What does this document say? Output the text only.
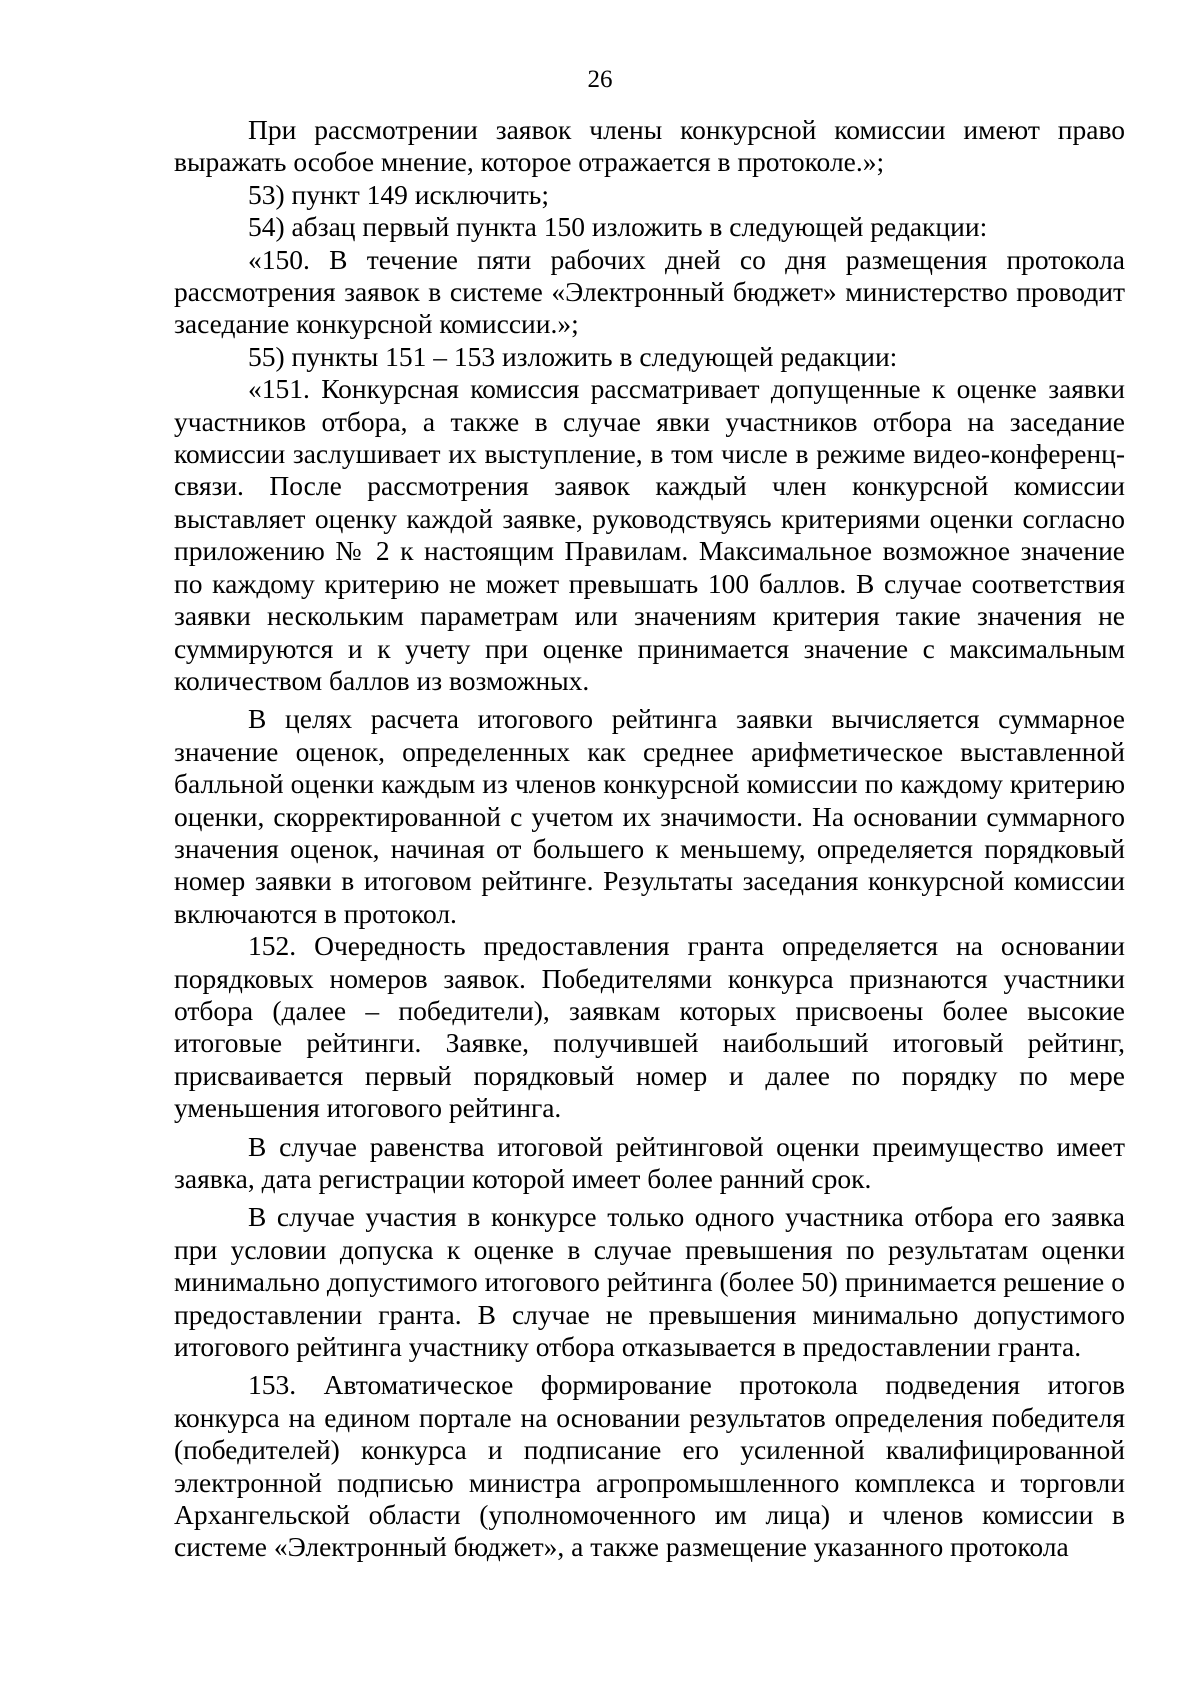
26

При рассмотрении заявок члены конкурсной комиссии имеют право выражать особое мнение, которое отражается в протоколе.»;

53) пункт 149 исключить;

54) абзац первый пункта 150 изложить в следующей редакции:

«150. В течение пяти рабочих дней со дня размещения протокола рассмотрения заявок в системе «Электронный бюджет» министерство проводит заседание конкурсной комиссии.»;

55) пункты 151 – 153 изложить в следующей редакции:

«151. Конкурсная комиссия рассматривает допущенные к оценке заявки участников отбора, а также в случае явки участников отбора на заседание комиссии заслушивает их выступление, в том числе в режиме видео-конференц-связи. После рассмотрения заявок каждый член конкурсной комиссии выставляет оценку каждой заявке, руководствуясь критериями оценки согласно приложению № 2 к настоящим Правилам. Максимальное возможное значение по каждому критерию не может превышать 100 баллов. В случае соответствия заявки нескольким параметрам или значениям критерия такие значения не суммируются и к учету при оценке принимается значение с максимальным количеством баллов из возможных.

В целях расчета итогового рейтинга заявки вычисляется суммарное значение оценок, определенных как среднее арифметическое выставленной балльной оценки каждым из членов конкурсной комиссии по каждому критерию оценки, скорректированной с учетом их значимости. На основании суммарного значения оценок, начиная от большего к меньшему, определяется порядковый номер заявки в итоговом рейтинге. Результаты заседания конкурсной комиссии включаются в протокол.

152. Очередность предоставления гранта определяется на основании порядковых номеров заявок. Победителями конкурса признаются участники отбора (далее – победители), заявкам которых присвоены более высокие итоговые рейтинги. Заявке, получившей наибольший итоговый рейтинг, присваивается первый порядковый номер и далее по порядку по мере уменьшения итогового рейтинга.

В случае равенства итоговой рейтинговой оценки преимущество имеет заявка, дата регистрации которой имеет более ранний срок.

В случае участия в конкурсе только одного участника отбора его заявка при условии допуска к оценке в случае превышения по результатам оценки минимально допустимого итогового рейтинга (более 50) принимается решение о предоставлении гранта. В случае не превышения минимально допустимого итогового рейтинга участнику отбора отказывается в предоставлении гранта.

153. Автоматическое формирование протокола подведения итогов конкурса на едином портале на основании результатов определения победителя (победителей) конкурса и подписание его усиленной квалифицированной электронной подписью министра агропромышленного комплекса и торговли Архангельской области (уполномоченного им лица) и членов комиссии в системе «Электронный бюджет», а также размещение указанного протокола
